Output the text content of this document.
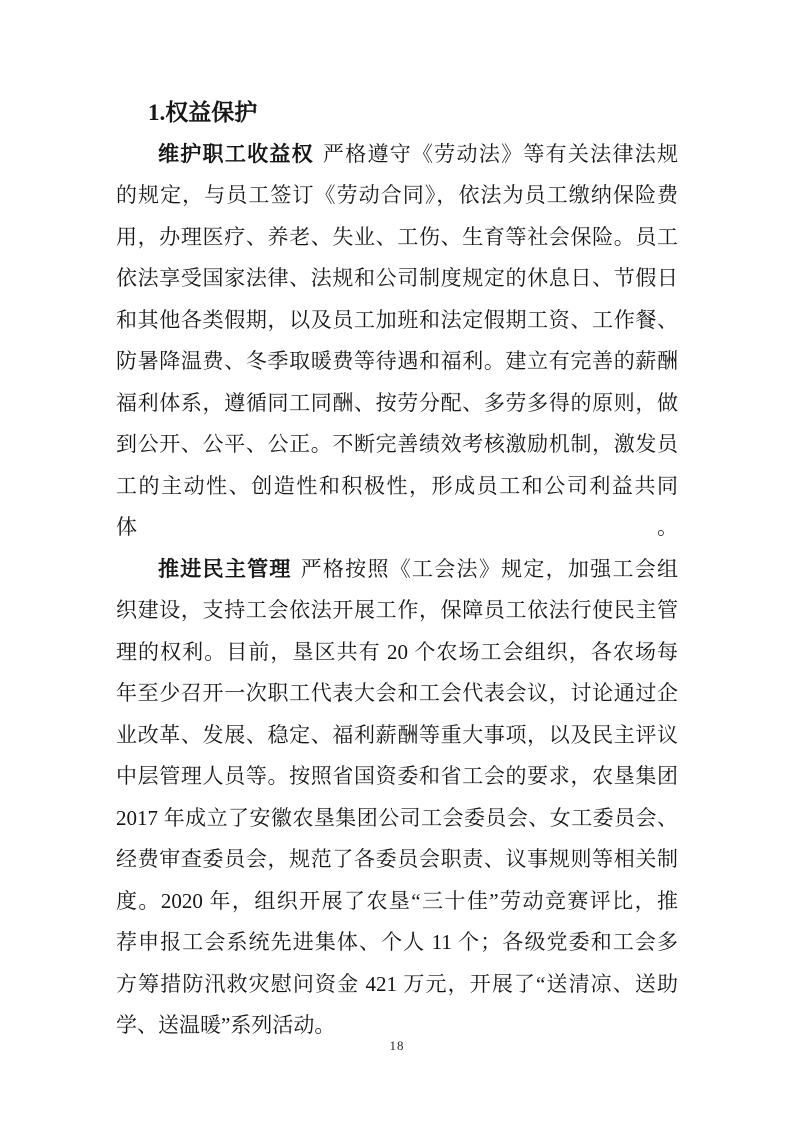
1.权益保护
维护职工收益权 严格遵守《劳动法》等有关法律法规
的规定，与员工签订《劳动合同》，依法为员工缴纳保险费
用，办理医疗、养老、失业、工伤、生育等社会保险。员工
依法享受国家法律、法规和公司制度规定的休息日、节假日
和其他各类假期，以及员工加班和法定假期工资、工作餐、
防暑降温费、冬季取暖费等待遇和福利。建立有完善的薪酬
福利体系，遵循同工同酬、按劳分配、多劳多得的原则，做
到公开、公平、公正。不断完善绩效考核激励机制，激发员
工的主动性、创造性和积极性，形成员工和公司利益共同体。
推进民主管理 严格按照《工会法》规定，加强工会组
织建设，支持工会依法开展工作，保障员工依法行使民主管
理的权利。目前，垦区共有 20 个农场工会组织，各农场每
年至少召开一次职工代表大会和工会代表会议，讨论通过企
业改革、发展、稳定、福利薪酬等重大事项，以及民主评议
中层管理人员等。按照省国资委和省工会的要求，农垦集团
2017 年成立了安徽农垦集团公司工会委员会、女工委员会、
经费审查委员会，规范了各委员会职责、议事规则等相关制
度。2020 年，组织开展了农垦“三十佳”劳动竞赛评比，推
荐申报工会系统先进集体、个人 11 个；各级党委和工会多
方筹措防汛救灾慰问资金 421 万元，开展了“送清凉、送助
学、送温暖”系列活动。
18
